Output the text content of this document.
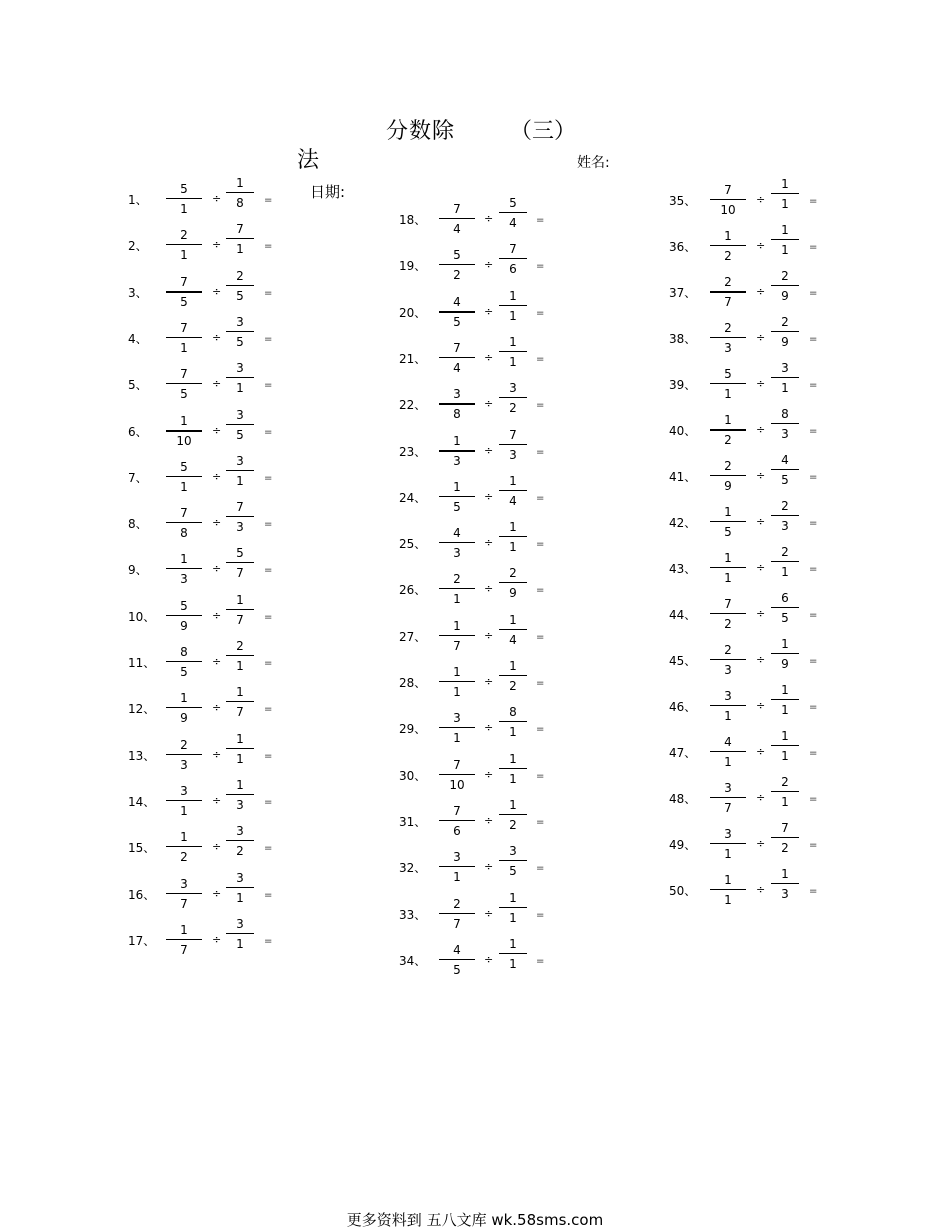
分数除 （三）
法	姓名:
日期:
1、
5
1
÷
1
8	=
2、
2
1
÷
7
1	=
3、
7
5
÷
2
5	=
4、
7
1
÷
3
5	=
5、
7
5
÷
3
1	=
6、
1
10
÷
3
5	=
7、
5
1
÷
3
1	=
8、
7
8
÷
7
3	=
9、
1
3
÷
5
7	=
10、
5
9
÷
1
7	=
11、
8
5
÷
2
1	=
12、
1
9
÷
1
7	=
13、
2
3
÷
1
1	=
14、
3
1
÷
1
3	=
15、
1
2
÷
3
2	=
16、
3
7
÷
3
1	=
17、
1
7
÷
3
1	=
18、
7
4
÷
5
4	=
19、
5
2
÷
7
6	=
20、
4
5
÷
1
1	=
21、
7
4
÷
1
1	=
22、
3
8
÷
3
2	=
23、
1
3
÷
7
3	=
24、
1
5
÷
1
4	=
25、
4
3
÷
1
1	=
26、
2
1
÷
2
9	=
27、
1
7
÷
1
4	=
28、
1
1
÷
1
2	=
29、
3
1
÷
8
1	=
30、
7
10
÷
1
1	=
31、
7
6
÷
1
2	=
32、
3
1
÷
3
5	=
33、
2
7
÷
1
1	=
34、
4
5
÷
1
1	=
35、
7
10
÷
1
1	=
36、
1
2
÷
1
1	=
37、
2
7
÷
2
9	=
38、
2
3
÷
2
9	=
39、
5
1
÷
3
1	=
40、
1
2
÷
8
3	=
41、
2
9
÷
4
5	=
42、
1
5
÷
2
3	=
43、
1
1
÷
2
1	=
44、
7
2
÷
6
5	=
45、
2
3
÷
1
9	=
46、
3
1
÷
1
1	=
47、
4
1
÷
1
1	=
48、
3
7
÷
2
1	=
49、
3
1
÷
7
2	=
50、
1
1
÷
1
3	=
更多资料到 五八文库 wk.58sms.com
